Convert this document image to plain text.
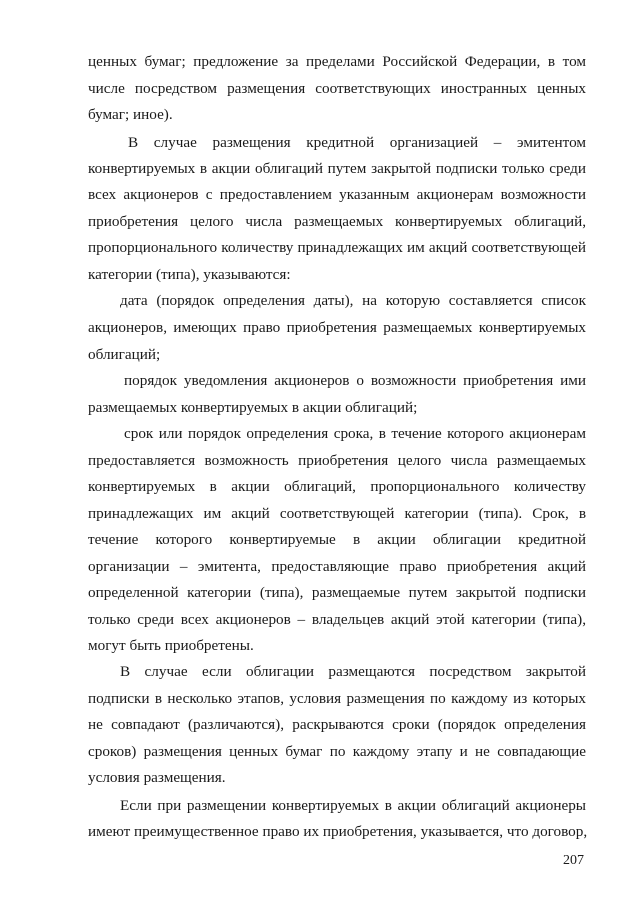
ценных бумаг; предложение за пределами Российской Федерации, в том
числе посредством размещения соответствующих иностранных ценных
бумаг; иное).
В случае размещения кредитной организацией – эмитентом
конвертируемых в акции облигаций путем закрытой подписки только среди
всех акционеров с предоставлением указанным акционерам возможности
приобретения целого числа размещаемых конвертируемых облигаций,
пропорционального количеству принадлежащих им акций соответствующей
категории (типа), указываются:
дата (порядок определения даты), на которую составляется список
акционеров, имеющих право приобретения размещаемых конвертируемых
облигаций;
порядок уведомления акционеров о возможности приобретения ими
размещаемых конвертируемых в акции облигаций;
срок или порядок определения срока, в течение которого акционерам
предоставляется возможность приобретения целого числа размещаемых
конвертируемых в акции облигаций, пропорционального количеству
принадлежащих им акций соответствующей категории (типа). Срок, в
течение которого конвертируемые в акции облигации кредитной
организации – эмитента, предоставляющие право приобретения акций
определенной категории (типа), размещаемые путем закрытой подписки
только среди всех акционеров – владельцев акций этой категории (типа),
могут быть приобретены.
В случае если облигации размещаются посредством закрытой
подписки в несколько этапов, условия размещения по каждому из которых
не совпадают (различаются), раскрываются сроки (порядок определения
сроков) размещения ценных бумаг по каждому этапу и не совпадающие
условия размещения.
Если при размещении конвертируемых в акции облигаций акционеры
имеют преимущественное право их приобретения, указывается, что договор,
207
